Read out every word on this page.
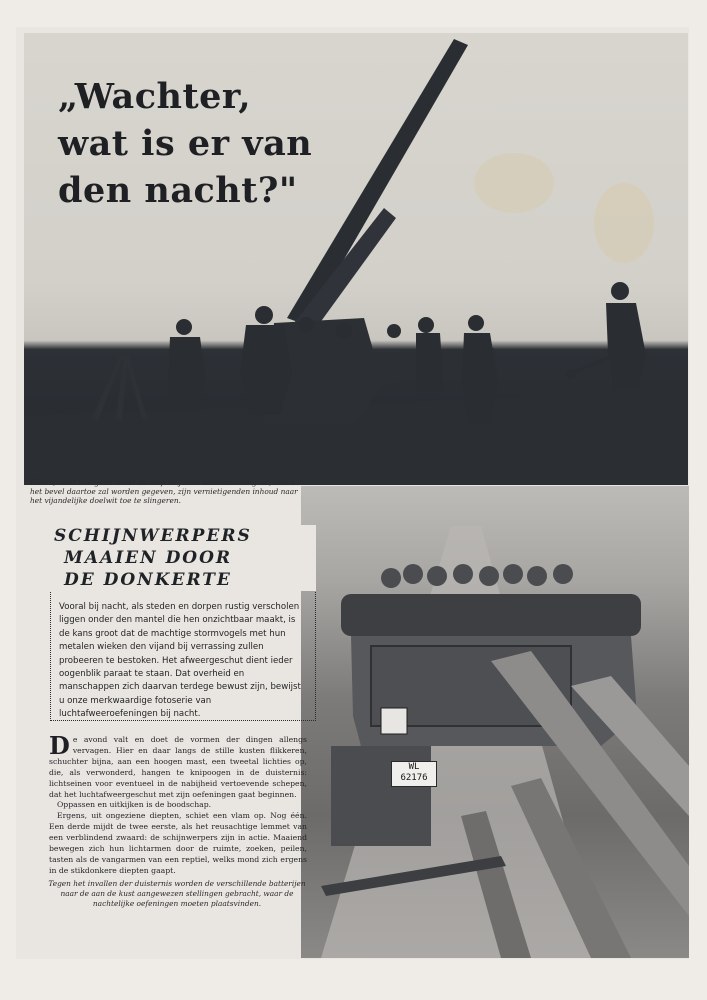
„Wachter,
wat is er van
den nacht?"
WL
62176
Flaats, rust! Dreigend zoekt de loop de juiste beweltrichting uit, zodra het bevel daartoe zal worden gegeven, zijn vernietigenden inhoud naar het vijandelijke doelwit toe te slingeren.
SCHIJNWERPERS
MAAIEN DOOR
DE DONKERTE
Vooral bij nacht, als steden en dorpen rustig verscholen liggen onder den mantel die hen onzichtbaar maakt, is de kans groot dat de machtige stormvogels met hun metalen wieken den vijand bij verrassing zullen probeeren te bestoken. Het afweergeschut dient ieder oogenblik paraat te staan. Dat overheid en manschappen zich daarvan terdege bewust zijn, bewijst u onze merkwaardige fotoserie van luchtafweeroefeningen bij nacht.
De avond valt en doet de vormen der dingen allengs vervagen. Hier en daar langs de stille kusten flikkeren, schuchter bijna, aan een hoogen mast, een tweetal lichties op, die, als verwonderd, hangen te knipoogen in de duisternis: lichtseinen voor eventueel in de nabijheid vertoevende schepen, dat het luchtafweergeschut met zijn oefeningen gaat beginnen.
Oppassen en uitkijken is de boodschap.
Ergens, uit ongeziene diepten, schiet een vlam op. Nog één. Een derde mijdt de twee eerste, als het reusachtige lemmet van een verblindend zwaard: de schijnwerpers zijn in actie. Maaiend bewegen zich hun lichtarmen door de ruimte, zoeken, peilen, tasten als de vangarmen van een reptiel, welks mond zich ergens in de stikdonkere diepten gaapt.
Tegen het invallen der duisternis worden de verschillende batterijen naar de aan de kust aangewezen stellingen gebracht, waar de nachtelijke oefeningen moeten plaatsvinden.
